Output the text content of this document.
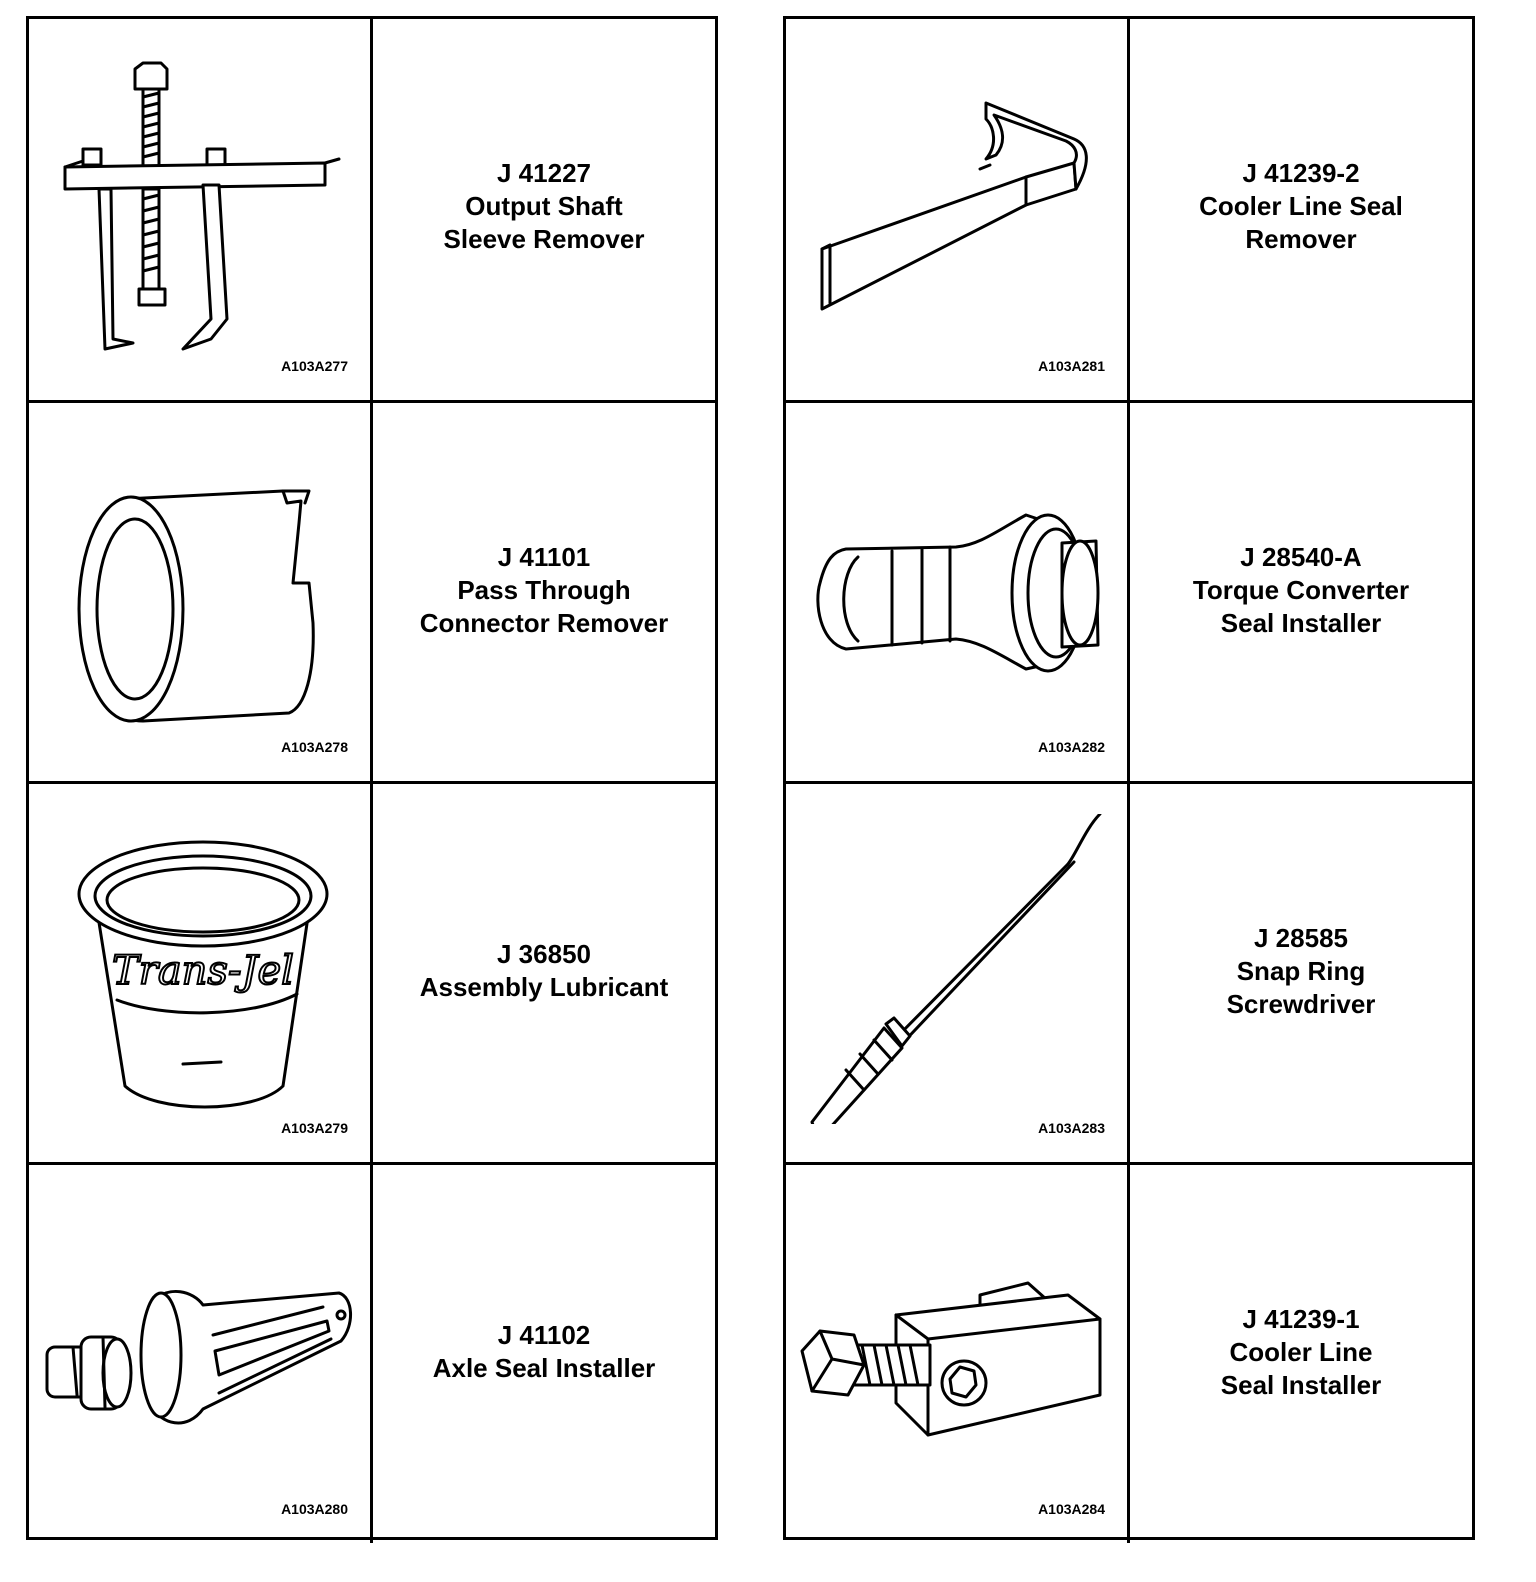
A103A277
J 41227
Output Shaft
Sleeve Remover
A103A278
J 41101
Pass Through
Connector Remover
Trans-Jel
A103A279
J 36850
Assembly Lubricant
A103A280
J 41102
Axle Seal Installer
A103A281
J 41239-2
Cooler Line Seal
Remover
A103A282
J 28540-A
Torque Converter
Seal Installer
A103A283
J 28585
Snap Ring
Screwdriver
A103A284
J 41239-1
Cooler Line
Seal Installer
